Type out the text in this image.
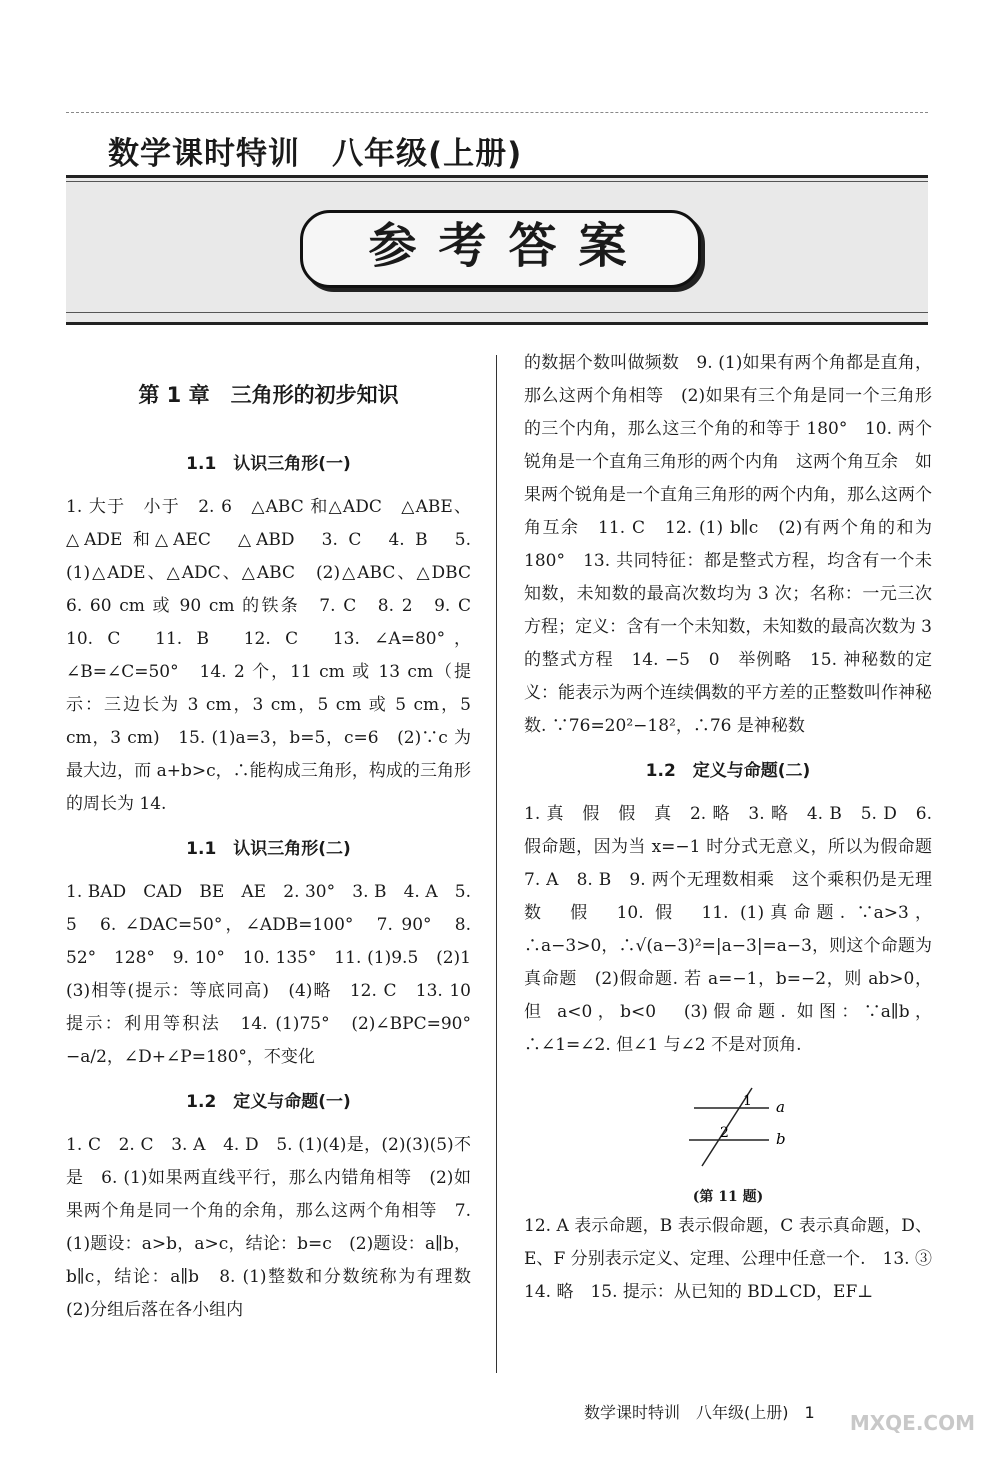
数学课时特训　八年级(上册)
参考答案
第 1 章　三角形的初步知识
1.1　认识三角形(一)

1. 大于　小于　2. 6　△ABC 和△ADC　△ABE、△ADE 和△AEC　△ABD　3. C　4. B　5. (1)△ADE、△ADC、△ABC　(2)△ABC、△DBC　6. 60 cm 或 90 cm 的铁条　7. C　8. 2　9. C　10. C　11. B　12. C　13. ∠A=80°，∠B=∠C=50°　14. 2 个，11 cm 或 13 cm（提示：三边长为 3 cm，3 cm，5 cm 或 5 cm，5 cm，3 cm)　15. (1)a=3，b=5，c=6　(2)∵c 为最大边，而 a+b>c，∴能构成三角形，构成的三角形的周长为 14.

1.1　认识三角形(二)

1. BAD　CAD　BE　AE　2. 30°　3. B　4. A　5. 5　6. ∠DAC=50°，∠ADB=100°　7. 90°　8. 52°　128°　9. 10°　10. 135°　11. (1)9.5　(2)1　(3)相等(提示：等底同高)　(4)略　12. C　13. 10　提示：利用等积法　14. (1)75°　(2)∠BPC=90°−a/2，∠D+∠P=180°，不变化

1.2　定义与命题(一)

1. C　2. C　3. A　4. D　5. (1)(4)是，(2)(3)(5)不是　6. (1)如果两直线平行，那么内错角相等　(2)如果两个角是同一个角的余角，那么这两个角相等　7. (1)题设：a>b，a>c，结论：b=c　(2)题设：a∥b，b∥c，结论：a∥b　8. (1)整数和分数统称为有理数　(2)分组后落在各小组内

的数据个数叫做频数　9. (1)如果有两个角都是直角，那么这两个角相等　(2)如果有三个角是同一个三角形的三个内角，那么这三个角的和等于 180°　10. 两个锐角是一个直角三角形的两个内角　这两个角互余　如果两个锐角是一个直角三角形的两个内角，那么这两个角互余　11. C　12. (1) b∥c　(2)有两个角的和为 180°　13. 共同特征：都是整式方程，均含有一个未知数，未知数的最高次数均为 3 次；名称：一元三次方程；定义：含有一个未知数，未知数的最高次数为 3 的整式方程　14. −5　0　举例略　15. 神秘数的定义：能表示为两个连续偶数的平方差的正整数叫作神秘数. ∵76=20²−18²，∴76 是神秘数

1.2　定义与命题(二)

1. 真　假　假　真　2. 略　3. 略　4. B　5. D　6. 假命题，因为当 x=−1 时分式无意义，所以为假命题　7. A　8. B　9. 两个无理数相乘　这个乘积仍是无理数　假　10. 假　11. (1)真命题. ∵a>3，∴a−3>0，∴√(a−3)²=|a−3|=a−3，则这个命题为真命题　(2)假命题. 若 a=−1，b=−2，则 ab>0，但 a<0，b<0　(3)假命题. 如图：∵a∥b，∴∠1=∠2. 但∠1 与∠2 不是对顶角.

1
2
a
b
(第 11 题)

12. A 表示命题，B 表示假命题，C 表示真命题，D、E、F 分别表示定义、定理、公理中任意一个.　13. ③　14. 略　15. 提示：从已知的 BD⊥CD，EF⊥

数学课时特训　八年级(上册)　1	MXQE.COM
